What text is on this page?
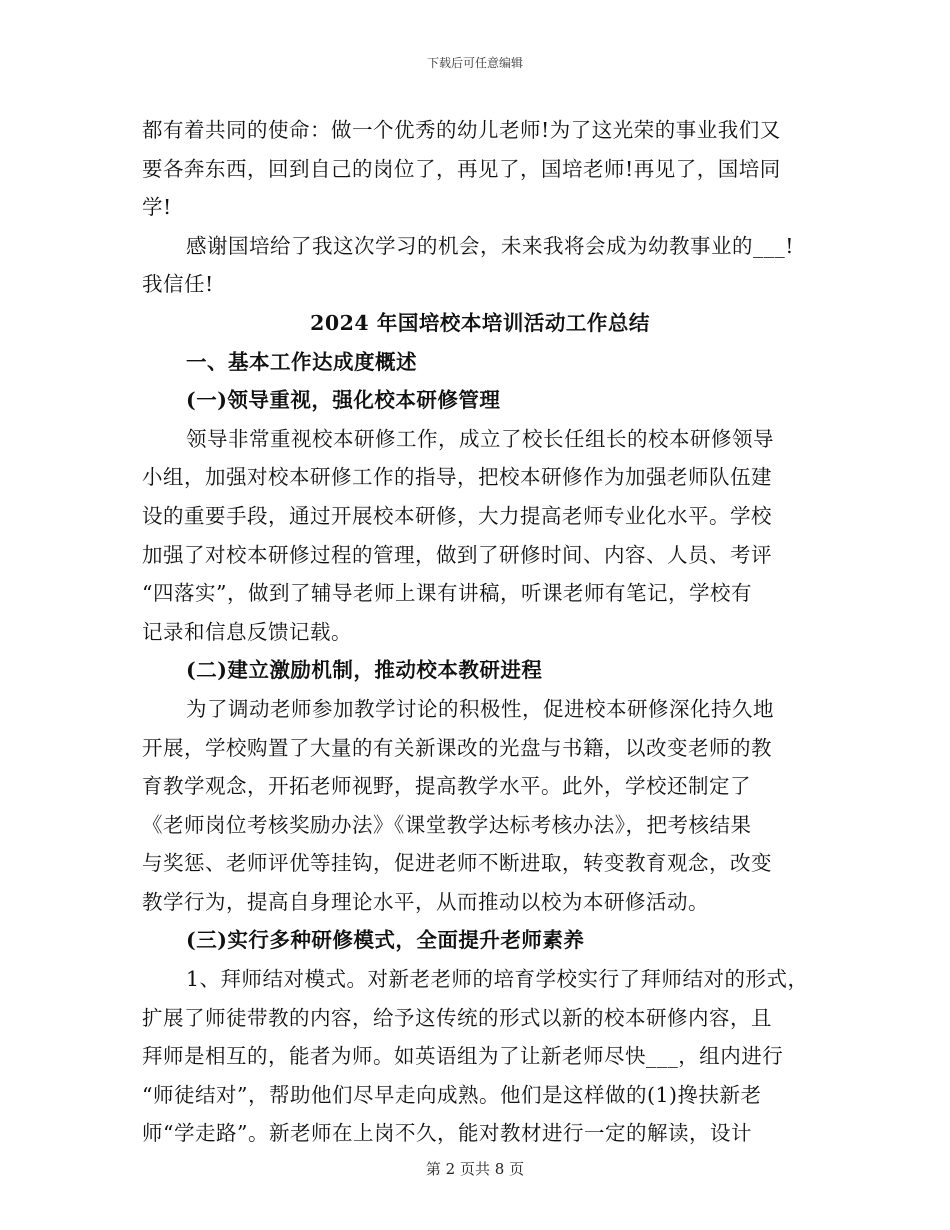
下载后可任意编辑
都有着共同的使命：做一个优秀的幼儿老师!为了这光荣的事业我们又
要各奔东西，回到自己的岗位了，再见了，国培老师!再见了，国培同
学!
感谢国培给了我这次学习的机会，未来我将会成为幼教事业的___!
我信任!
2024 年国培校本培训活动工作总结
一、基本工作达成度概述
(一)领导重视，强化校本研修管理
领导非常重视校本研修工作，成立了校长任组长的校本研修领导
小组，加强对校本研修工作的指导，把校本研修作为加强老师队伍建
设的重要手段，通过开展校本研修，大力提高老师专业化水平。学校
加强了对校本研修过程的管理，做到了研修时间、内容、人员、考评
“四落实”，做到了辅导老师上课有讲稿，听课老师有笔记，学校有
记录和信息反馈记载。
(二)建立激励机制，推动校本教研进程
为了调动老师参加教学讨论的积极性，促进校本研修深化持久地
开展，学校购置了大量的有关新课改的光盘与书籍，以改变老师的教
育教学观念，开拓老师视野，提高教学水平。此外，学校还制定了
《老师岗位考核奖励办法》《课堂教学达标考核办法》，把考核结果
与奖惩、老师评优等挂钩，促进老师不断进取，转变教育观念，改变
教学行为，提高自身理论水平，从而推动以校为本研修活动。
(三)实行多种研修模式，全面提升老师素养
1、拜师结对模式。对新老老师的培育学校实行了拜师结对的形式，
扩展了师徒带教的内容，给予这传统的形式以新的校本研修内容，且
拜师是相互的，能者为师。如英语组为了让新老师尽快___，组内进行
“师徒结对”，帮助他们尽早走向成熟。他们是这样做的(1)搀扶新老
师“学走路”。新老师在上岗不久，能对教材进行一定的解读，设计
第 2 页共 8 页
